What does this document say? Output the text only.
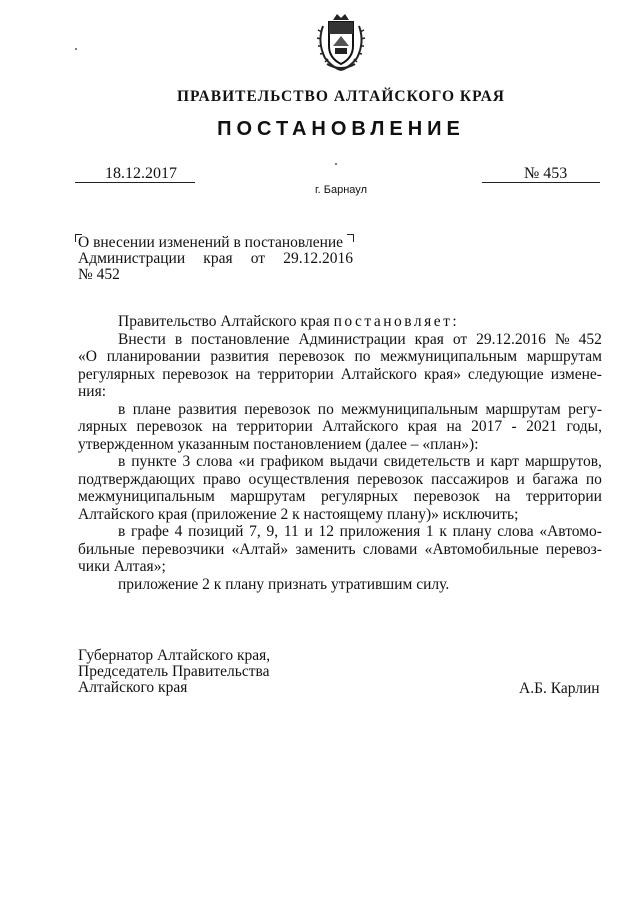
ПРАВИТЕЛЬСТВО АЛТАЙСКОГО КРАЯ
ПОСТАНОВЛЕНИЕ
18.12.2017	№ 453
г. Барнаул
О внесении изменений в постановление
Администрации края от 29.12.2016
№ 452
Правительство Алтайского края постановляет:
Внести в постановление Администрации края от 29.12.2016 № 452
«О планировании развития перевозок по межмуниципальным маршрутам
регулярных перевозок на территории Алтайского края» следующие измене-
ния:
в плане развития перевозок по межмуниципальным маршрутам регу-
лярных перевозок на территории Алтайского края на 2017 - 2021 годы,
утвержденном указанным постановлением (далее – «план»):
в пункте 3 слова «и графиком выдачи свидетельств и карт маршрутов,
подтверждающих право осуществления перевозок пассажиров и багажа по
межмуниципальным маршрутам регулярных перевозок на территории
Алтайского края (приложение 2 к настоящему плану)» исключить;
в графе 4 позиций 7, 9, 11 и 12 приложения 1 к плану слова «Автомо-
бильные перевозчики «Алтай» заменить словами «Автомобильные перевоз-
чики Алтая»;
приложение 2 к плану признать утратившим силу.
Губернатор Алтайского края,
Председатель Правительства
Алтайского края	А.Б. Карлин
